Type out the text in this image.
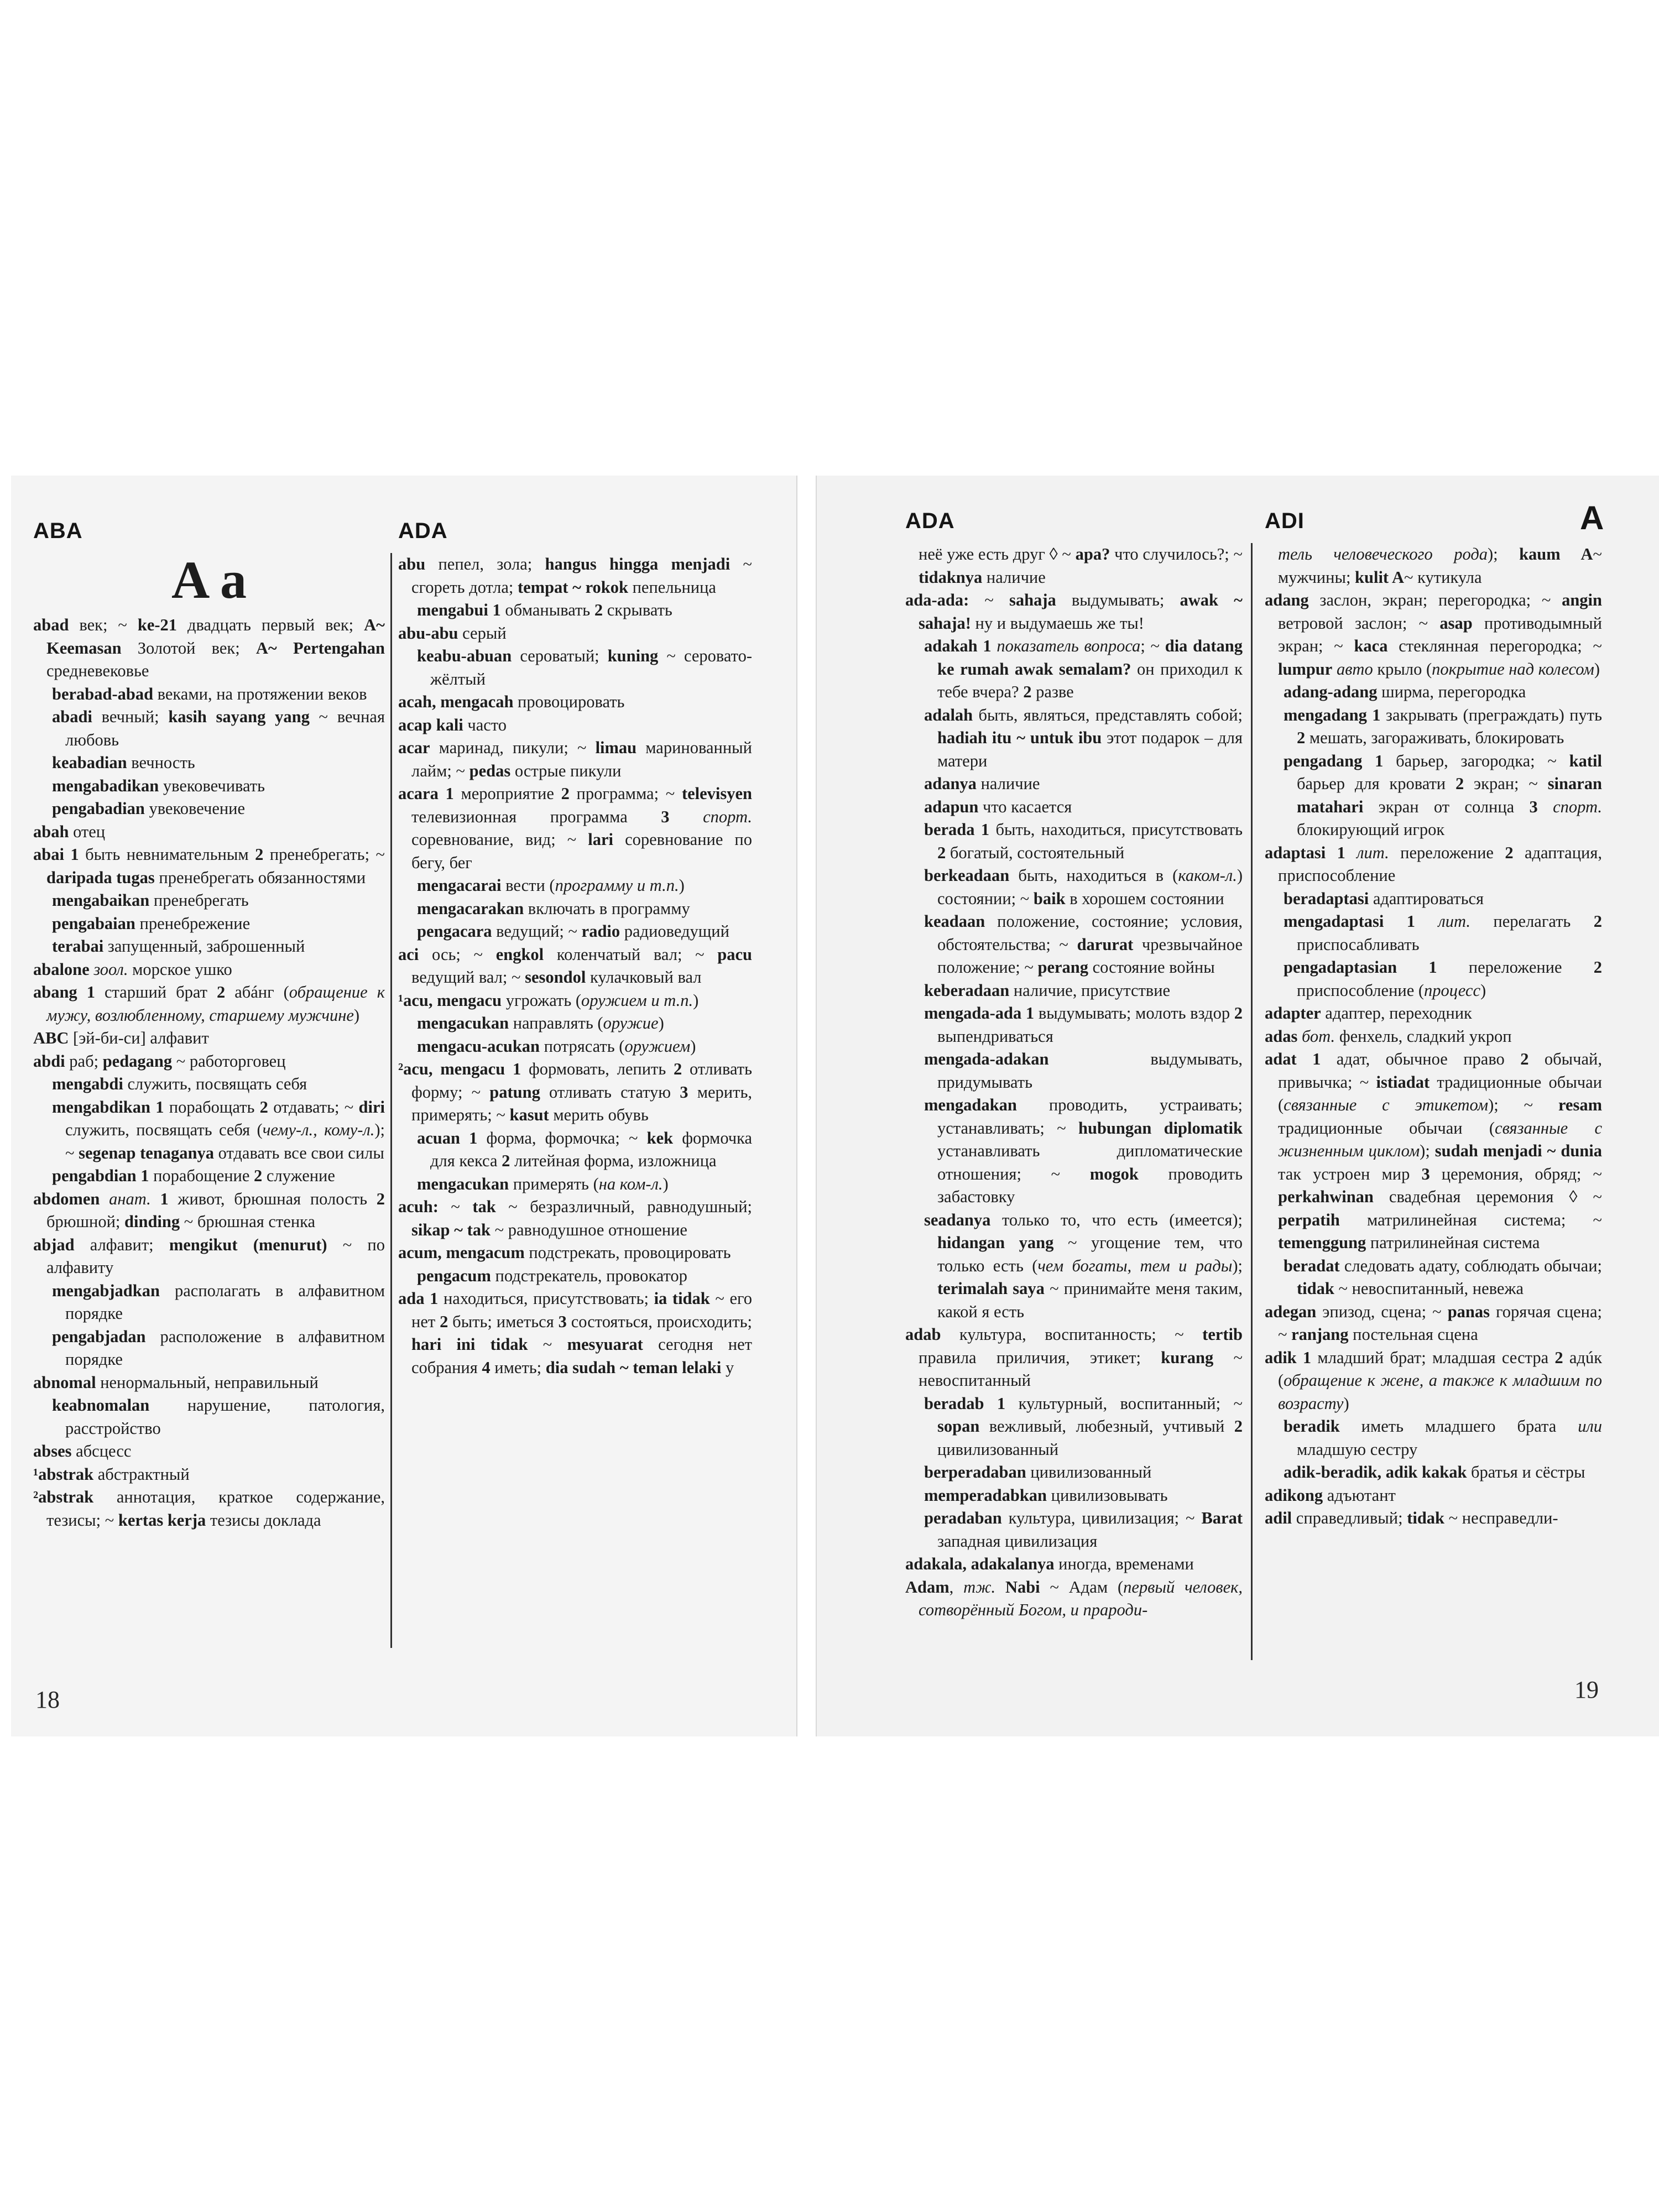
ABA	ADA
A a

abad век; ~ ke-21 двадцать первый век; A~ Keemasan Золотой век; A~ Pertengahan средневековье

berabad-abad веками, на протяжении веков

abadi вечный; kasih sayang yang ~ вечная любовь

keabadian вечность

mengabadikan увековечивать

pengabadian увековечение

abah отец

abai 1 быть невнимательным 2 пренебрегать; ~ daripada tugas пренебрегать обязанностями

mengabaikan пренебрегать

pengabaian пренебрежение

terabai запущенный, заброшенный

abalone зоол. морское ушко

abang 1 старший брат 2 абáнг (обращение к мужу, возлюбленному, старшему мужчине)

ABC [эй-би-си] алфавит

abdi раб; pedagang ~ работорговец

mengabdi служить, посвящать себя

mengabdikan 1 порабощать 2 отдавать; ~ diri служить, посвящать себя (чему-л., кому-л.); ~ segenap tenaganya отдавать все свои силы

pengabdian 1 порабощение 2 служение

abdomen анат. 1 живот, брюшная полость 2 брюшной; dinding ~ брюшная стенка

abjad алфавит; mengikut (menurut) ~ по алфавиту

mengabjadkan располагать в алфавитном порядке

pengabjadan расположение в алфавитном порядке

abnomal ненормальный, неправильный

keabnomalan нарушение, патология, расстройство

abses абсцесс

¹abstrak абстрактный

²abstrak аннотация, краткое содержание, тезисы; ~ kertas kerja тезисы доклада

abu пепел, зола; hangus hingga menjadi ~ сгореть дотла; tempat ~ rokok пепельница

mengabui 1 обманывать 2 скрывать

abu-abu серый

keabu-abuan сероватый; kuning ~ серовато-жёлтый

acah, mengacah провоцировать

acap kali часто

acar маринад, пикули; ~ limau маринованный лайм; ~ pedas острые пикули

acara 1 мероприятие 2 программа; ~ televisyen телевизионная программа 3 спорт. соревнование, вид; ~ lari соревнование по бегу, бег

mengacarai вести (программу и т.п.)

mengacarakan включать в программу

pengacara ведущий; ~ radio радиоведущий

aci ось; ~ engkol коленчатый вал; ~ pacu ведущий вал; ~ sesondol кулачковый вал

¹acu, mengacu угрожать (оружием и т.п.)

mengacukan направлять (оружие)

mengacu-acukan потрясать (оружием)

²acu, mengacu 1 формовать, лепить 2 отливать форму; ~ patung отливать статую 3 мерить, примерять; ~ kasut мерить обувь

acuan 1 форма, формочка; ~ kek формочка для кекса 2 литейная форма, изложница

mengacukan примерять (на ком-л.)

acuh: ~ tak ~ безразличный, равнодушный; sikap ~ tak ~ равнодушное отношение

acum, mengacum подстрекать, провоцировать

pengacum подстрекатель, провокатор

ada 1 находиться, присутствовать; ia tidak ~ его нет 2 быть; иметься 3 состояться, происходить; hari ini tidak ~ mesyuarat сегодня нет собрания 4 иметь; dia sudah ~ teman lelaki у

18
ADA	ADI	A

неё уже есть друг ◊ ~ apa? что случилось?; ~ tidaknya наличие

ada-ada: ~ sahaja выдумывать; awak ~ sahaja! ну и выдумаешь же ты!

adakah 1 показатель вопроса; ~ dia datang ke rumah awak semalam? он приходил к тебе вчера? 2 разве

adalah быть, являться, представлять собой; hadiah itu ~ untuk ibu этот подарок – для матери

adanya наличие

adapun что касается

berada 1 быть, находиться, присутствовать 2 богатый, состоятельный

berkeadaan быть, находиться в (каком-л.) состоянии; ~ baik в хорошем состоянии

keadaan положение, состояние; условия, обстоятельства; ~ darurat чрезвычайное положение; ~ perang состояние войны

keberadaan наличие, присутствие

mengada-ada 1 выдумывать; молоть вздор 2 выпендриваться

mengada-adakan выдумывать, придумывать

mengadakan проводить, устраивать; устанавливать; ~ hubungan diplomatik устанавливать дипломатические отношения; ~ mogok проводить забастовку

seadanya только то, что есть (имеется); hidangan yang ~ угощение тем, что только есть (чем богаты, тем и рады); terimalah saya ~ принимайте меня таким, какой я есть

adab культура, воспитанность; ~ tertib правила приличия, этикет; kurang ~ невоспитанный

beradab 1 культурный, воспитанный; ~ sopan вежливый, любезный, учтивый 2 цивилизованный

berperadaban цивилизованный

memperadabkan цивилизовывать

peradaban культура, цивилизация; ~ Barat западная цивилизация

adakala, adakalanya иногда, временами

Adam, тж. Nabi ~ Адам (первый человек, сотворённый Богом, и прароди-

тель человеческого рода); kaum A~ мужчины; kulit A~ кутикула

adang заслон, экран; перегородка; ~ angin ветровой заслон; ~ asap противодымный экран; ~ kaca стеклянная перегородка; ~ lumpur авто крыло (покрытие над колесом)

adang-adang ширма, перегородка

mengadang 1 закрывать (преграждать) путь 2 мешать, загораживать, блокировать

pengadang 1 барьер, загородка; ~ katil барьер для кровати 2 экран; ~ sinaran matahari экран от солнца 3 спорт. блокирующий игрок

adaptasi 1 лит. переложение 2 адаптация, приспособление

beradaptasi адаптироваться

mengadaptasi 1 лит. перелагать 2 приспосабливать

pengadaptasian 1 переложение 2 приспособление (процесс)

adapter адаптер, переходник

adas бот. фенхель, сладкий укроп

adat 1 адат, обычное право 2 обычай, привычка; ~ istiadat традиционные обычаи (связанные с этикетом); ~ resam традиционные обычаи (связанные с жизненным циклом); sudah menjadi ~ dunia так устроен мир 3 церемония, обряд; ~ perkahwinan свадебная церемония ◊ ~ perpatih матрилинейная система; ~ temenggung патрилинейная система

beradat следовать адату, соблюдать обычаи; tidak ~ невоспитанный, невежа

adegan эпизод, сцена; ~ panas горячая сцена; ~ ranjang постельная сцена

adik 1 младший брат; младшая сестра 2 адúк (обращение к жене, а также к младшим по возрасту)

beradik иметь младшего брата или младшую сестру

adik-beradik, adik kakak братья и сёстры

adikong адъютант

adil справедливый; tidak ~ несправедли-

19
